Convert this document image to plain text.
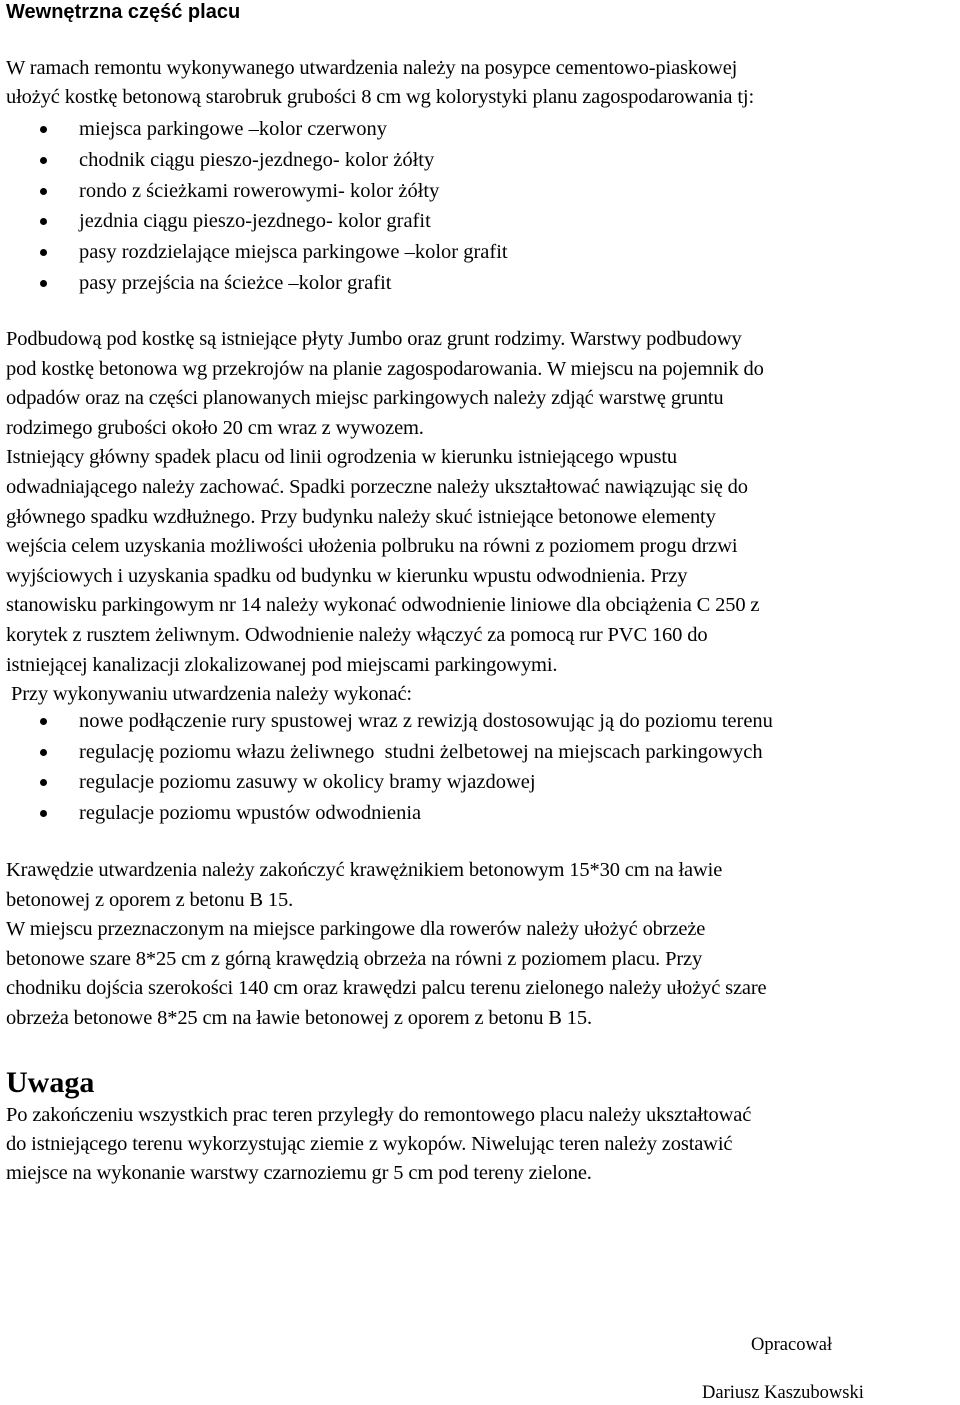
Wewnętrzna część placu
W ramach remontu wykonywanego utwardzenia należy na posypce cementowo-piaskowej
ułożyć kostkę betonową starobruk grubości 8 cm wg kolorystyki planu zagospodarowania tj:
miejsca parkingowe –kolor czerwony
chodnik ciągu pieszo-jezdnego- kolor żółty
rondo z ścieżkami rowerowymi- kolor żółty
jezdnia ciągu pieszo-jezdnego- kolor grafit
pasy rozdzielające miejsca parkingowe –kolor grafit
pasy przejścia na ścieżce –kolor grafit
Podbudową pod kostkę są istniejące płyty Jumbo oraz grunt rodzimy. Warstwy podbudowy
pod kostkę betonowa wg przekrojów na planie zagospodarowania. W miejscu na pojemnik do
odpadów oraz na części planowanych miejsc parkingowych należy zdjąć warstwę gruntu
rodzimego grubości około 20 cm wraz z wywozem.
Istniejący główny spadek placu od linii ogrodzenia w kierunku istniejącego wpustu
odwadniającego należy zachować. Spadki porzeczne należy ukształtować nawiązując się do
głównego spadku wzdłużnego. Przy budynku należy skuć istniejące betonowe elementy
wejścia celem uzyskania możliwości ułożenia polbruku na równi z poziomem progu drzwi
wyjściowych i uzyskania spadku od budynku w kierunku wpustu odwodnienia. Przy
stanowisku parkingowym nr 14 należy wykonać odwodnienie liniowe dla obciążenia C 250 z
korytek z rusztem żeliwnym. Odwodnienie należy włączyć za pomocą rur PVC 160 do
istniejącej kanalizacji zlokalizowanej pod miejscami parkingowymi.
Przy wykonywaniu utwardzenia należy wykonać:
nowe podłączenie rury spustowej wraz z rewizją dostosowując ją do poziomu terenu
regulację poziomu włazu żeliwnego  studni żelbetowej na miejscach parkingowych
regulacje poziomu zasuwy w okolicy bramy wjazdowej
regulacje poziomu wpustów odwodnienia
Krawędzie utwardzenia należy zakończyć krawężnikiem betonowym 15*30 cm na ławie
betonowej z oporem z betonu B 15.
W miejscu przeznaczonym na miejsce parkingowe dla rowerów należy ułożyć obrzeże
betonowe szare 8*25 cm z górną krawędzią obrzeża na równi z poziomem placu. Przy
chodniku dojścia szerokości 140 cm oraz krawędzi palcu terenu zielonego należy ułożyć szare
obrzeża betonowe 8*25 cm na ławie betonowej z oporem z betonu B 15.
Uwaga
Po zakończeniu wszystkich prac teren przyległy do remontowego placu należy ukształtować
do istniejącego terenu wykorzystując ziemie z wykopów. Niwelując teren należy zostawić
miejsce na wykonanie warstwy czarnoziemu gr 5 cm pod tereny zielone.
Opracował
Dariusz Kaszubowski
